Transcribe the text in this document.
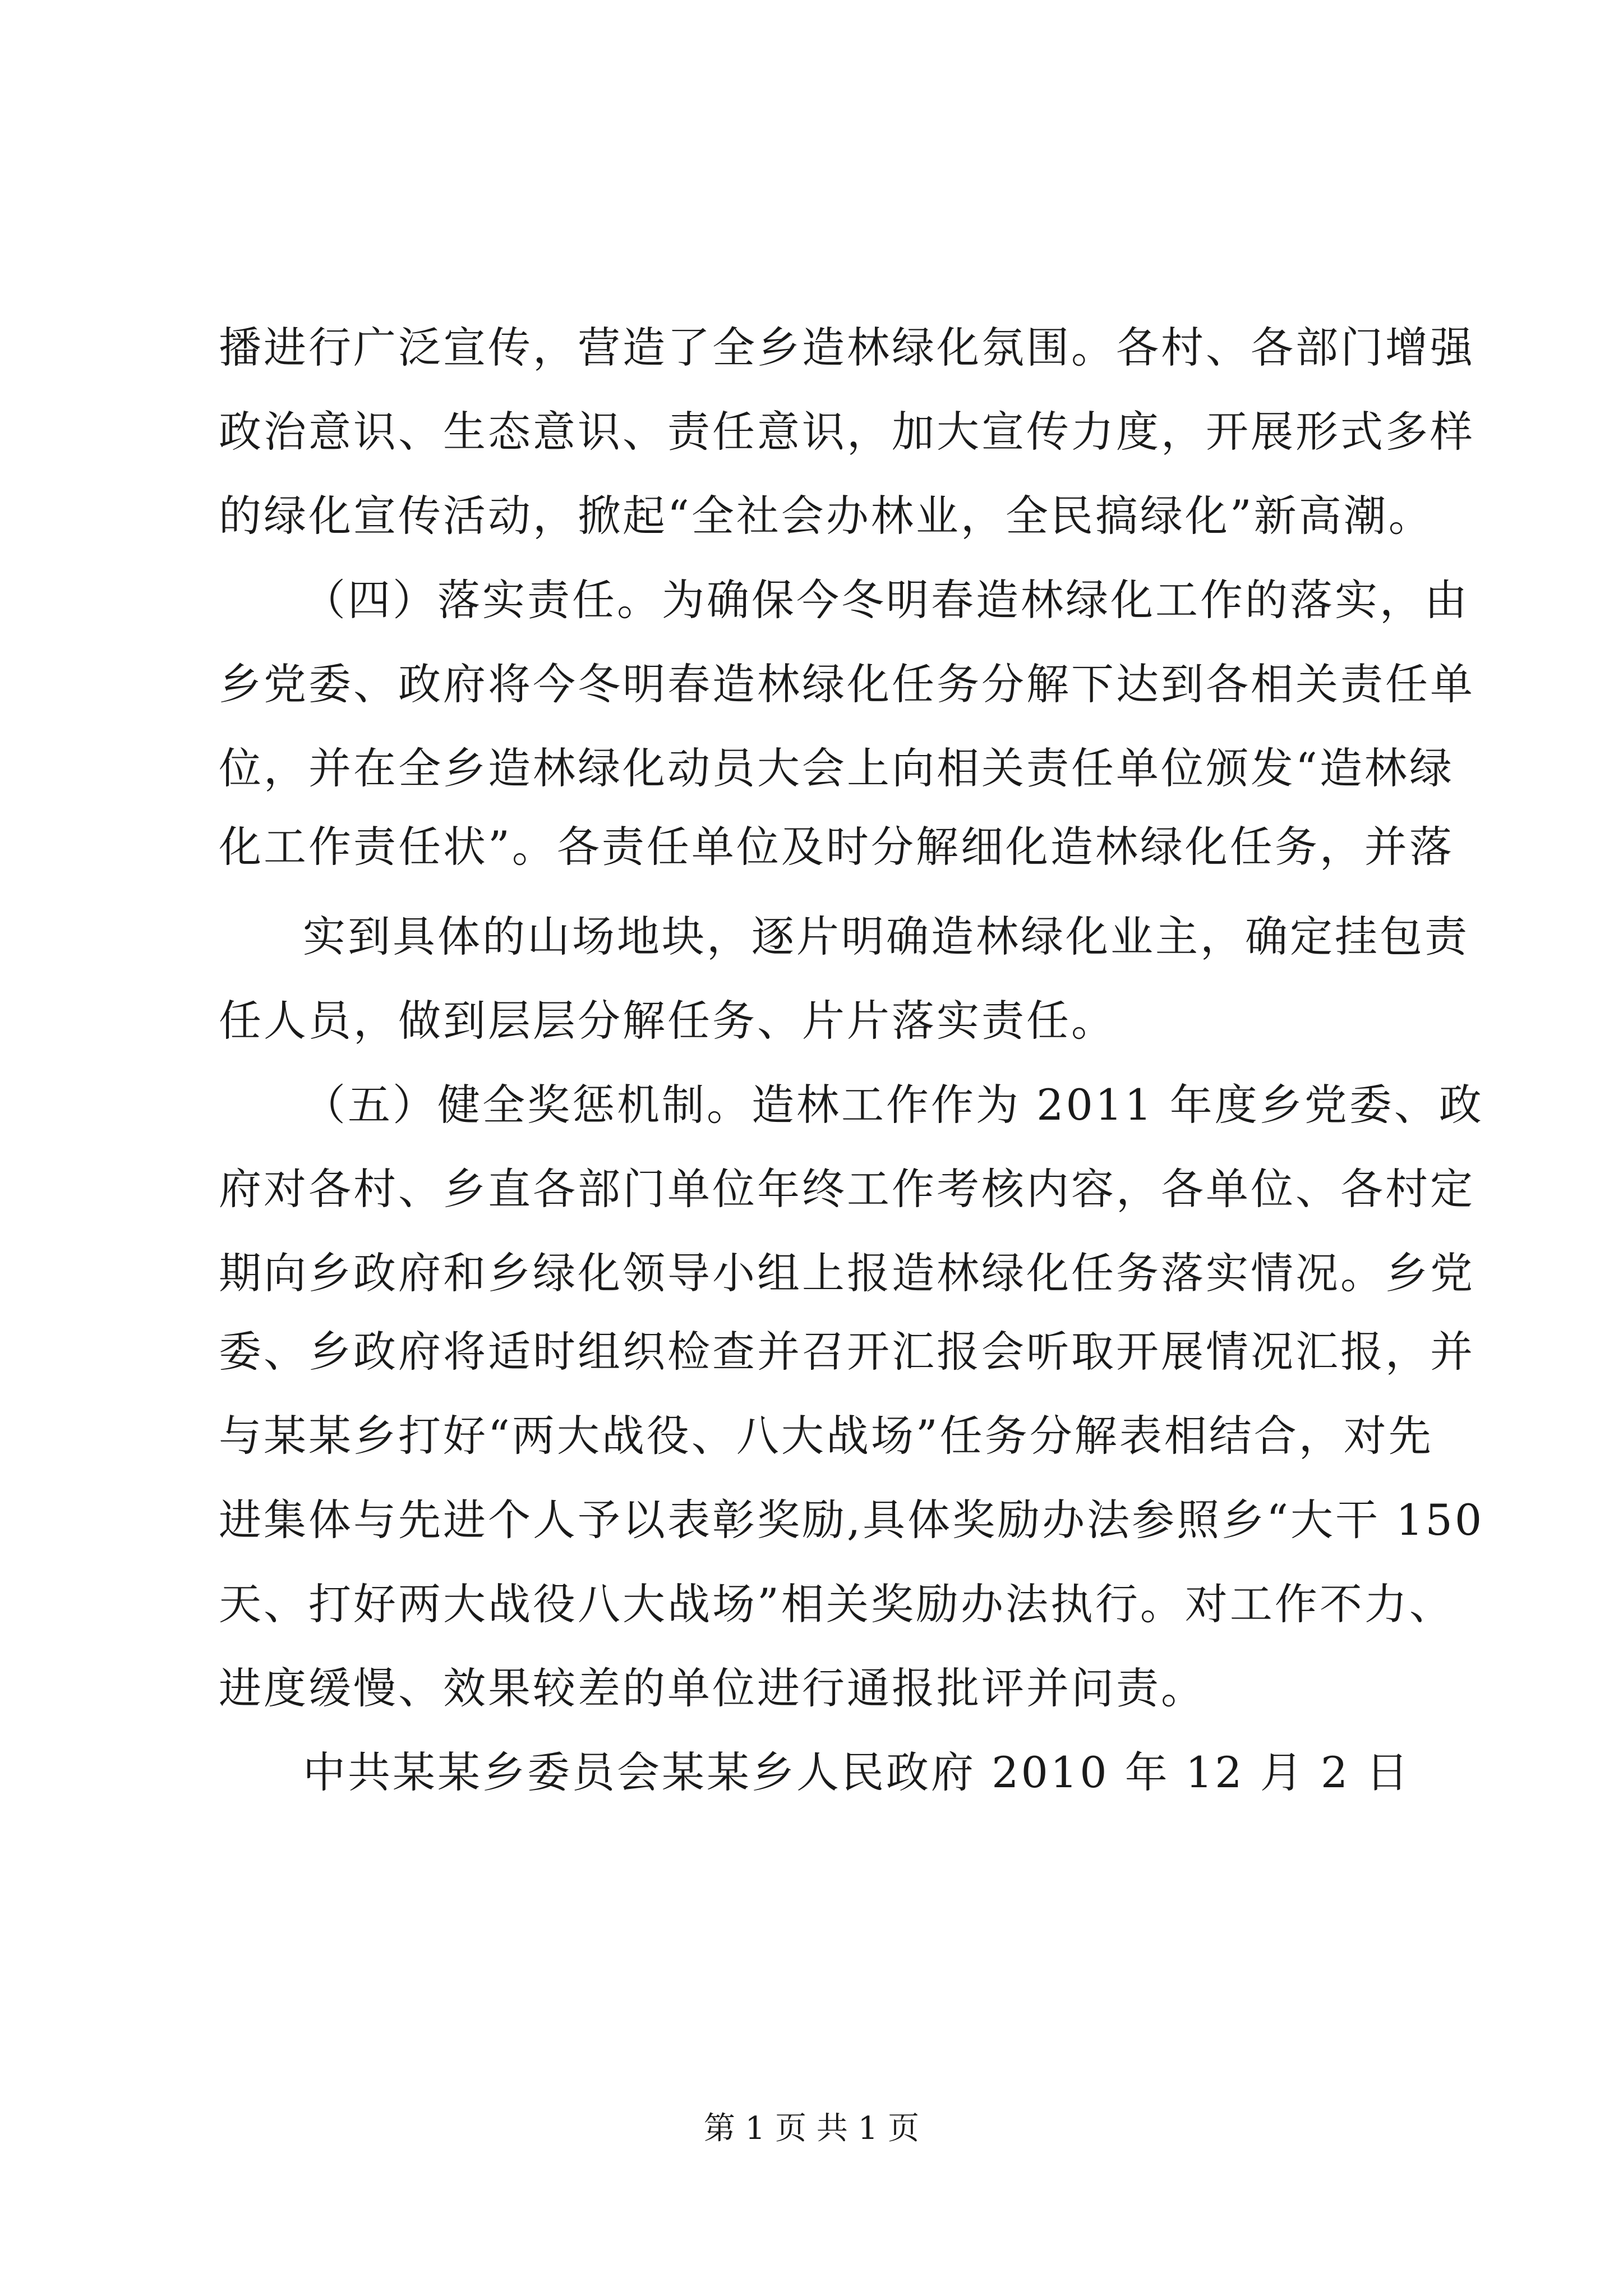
播进行广泛宣传，营造了全乡造林绿化氛围。各村、各部门增强
政治意识、生态意识、责任意识，加大宣传力度，开展形式多样
的绿化宣传活动，掀起“全社会办林业，全民搞绿化”新高潮。
（四）落实责任。为确保今冬明春造林绿化工作的落实，由
乡党委、政府将今冬明春造林绿化任务分解下达到各相关责任单
位，并在全乡造林绿化动员大会上向相关责任单位颁发“造林绿
化工作责任状”。各责任单位及时分解细化造林绿化任务，并落
实到具体的山场地块，逐片明确造林绿化业主，确定挂包责
任人员，做到层层分解任务、片片落实责任。
（五）健全奖惩机制。造林工作作为 2011 年度乡党委、政
府对各村、乡直各部门单位年终工作考核内容，各单位、各村定
期向乡政府和乡绿化领导小组上报造林绿化任务落实情况。乡党
委、乡政府将适时组织检查并召开汇报会听取开展情况汇报，并
与某某乡打好“两大战役、八大战场”任务分解表相结合，对先
进集体与先进个人予以表彰奖励,具体奖励办法参照乡“大干 150
天、打好两大战役八大战场”相关奖励办法执行。对工作不力、
进度缓慢、效果较差的单位进行通报批评并问责。
中共某某乡委员会某某乡人民政府 2010 年 12 月 2 日
第 1 页 共 1 页
